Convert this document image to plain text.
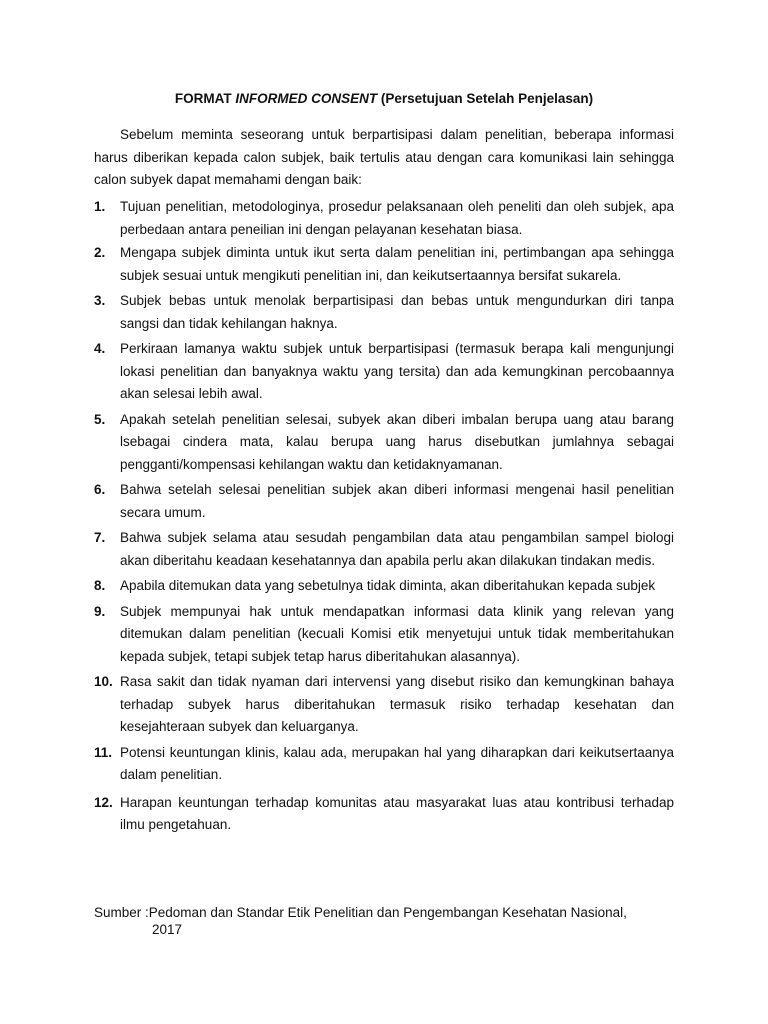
FORMAT INFORMED CONSENT (Persetujuan Setelah Penjelasan)
Sebelum meminta seseorang untuk berpartisipasi dalam penelitian, beberapa informasi harus diberikan kepada calon subjek, baik tertulis atau dengan cara komunikasi lain sehingga calon subyek dapat memahami dengan baik:
1.	Tujuan penelitian, metodologinya, prosedur pelaksanaan oleh peneliti dan oleh subjek, apa perbedaan antara peneilian ini dengan pelayanan kesehatan biasa.
2.	Mengapa subjek diminta untuk ikut serta dalam penelitian ini, pertimbangan apa sehingga subjek sesuai untuk mengikuti penelitian ini, dan keikutsertaannya bersifat sukarela.
3.	Subjek bebas untuk menolak berpartisipasi dan bebas untuk mengundurkan diri tanpa sangsi dan tidak kehilangan haknya.
4.	Perkiraan lamanya waktu subjek untuk berpartisipasi (termasuk berapa kali mengunjungi lokasi penelitian dan banyaknya waktu yang tersita) dan ada kemungkinan percobaannya akan selesai lebih awal.
5.	Apakah setelah penelitian selesai, subyek akan diberi imbalan berupa uang atau barang lsebagai cindera mata, kalau berupa uang harus disebutkan jumlahnya sebagai pengganti/kompensasi kehilangan waktu dan ketidaknyamanan.
6.	Bahwa setelah selesai penelitian subjek akan diberi informasi mengenai hasil penelitian secara umum.
7.	Bahwa subjek selama atau sesudah pengambilan data atau pengambilan sampel biologi akan diberitahu keadaan kesehatannya dan apabila perlu akan dilakukan tindakan medis.
8.	Apabila ditemukan data yang sebetulnya tidak diminta, akan diberitahukan kepada subjek
9.	Subjek mempunyai hak untuk mendapatkan informasi data klinik yang relevan yang ditemukan dalam penelitian (kecuali Komisi etik menyetujui untuk tidak memberitahukan kepada subjek, tetapi subjek tetap harus diberitahukan alasannya).
10. Rasa sakit dan tidak nyaman dari intervensi yang disebut risiko dan kemungkinan bahaya terhadap subyek harus diberitahukan termasuk risiko terhadap kesehatan dan kesejahteraan subyek dan keluarganya.
11. Potensi keuntungan klinis, kalau ada, merupakan hal yang diharapkan dari keikutsertaanya dalam penelitian.
12. Harapan keuntungan terhadap komunitas atau masyarakat luas atau kontribusi terhadap ilmu pengetahuan.
Sumber :Pedoman dan Standar Etik Penelitian dan Pengembangan Kesehatan Nasional,
2017
